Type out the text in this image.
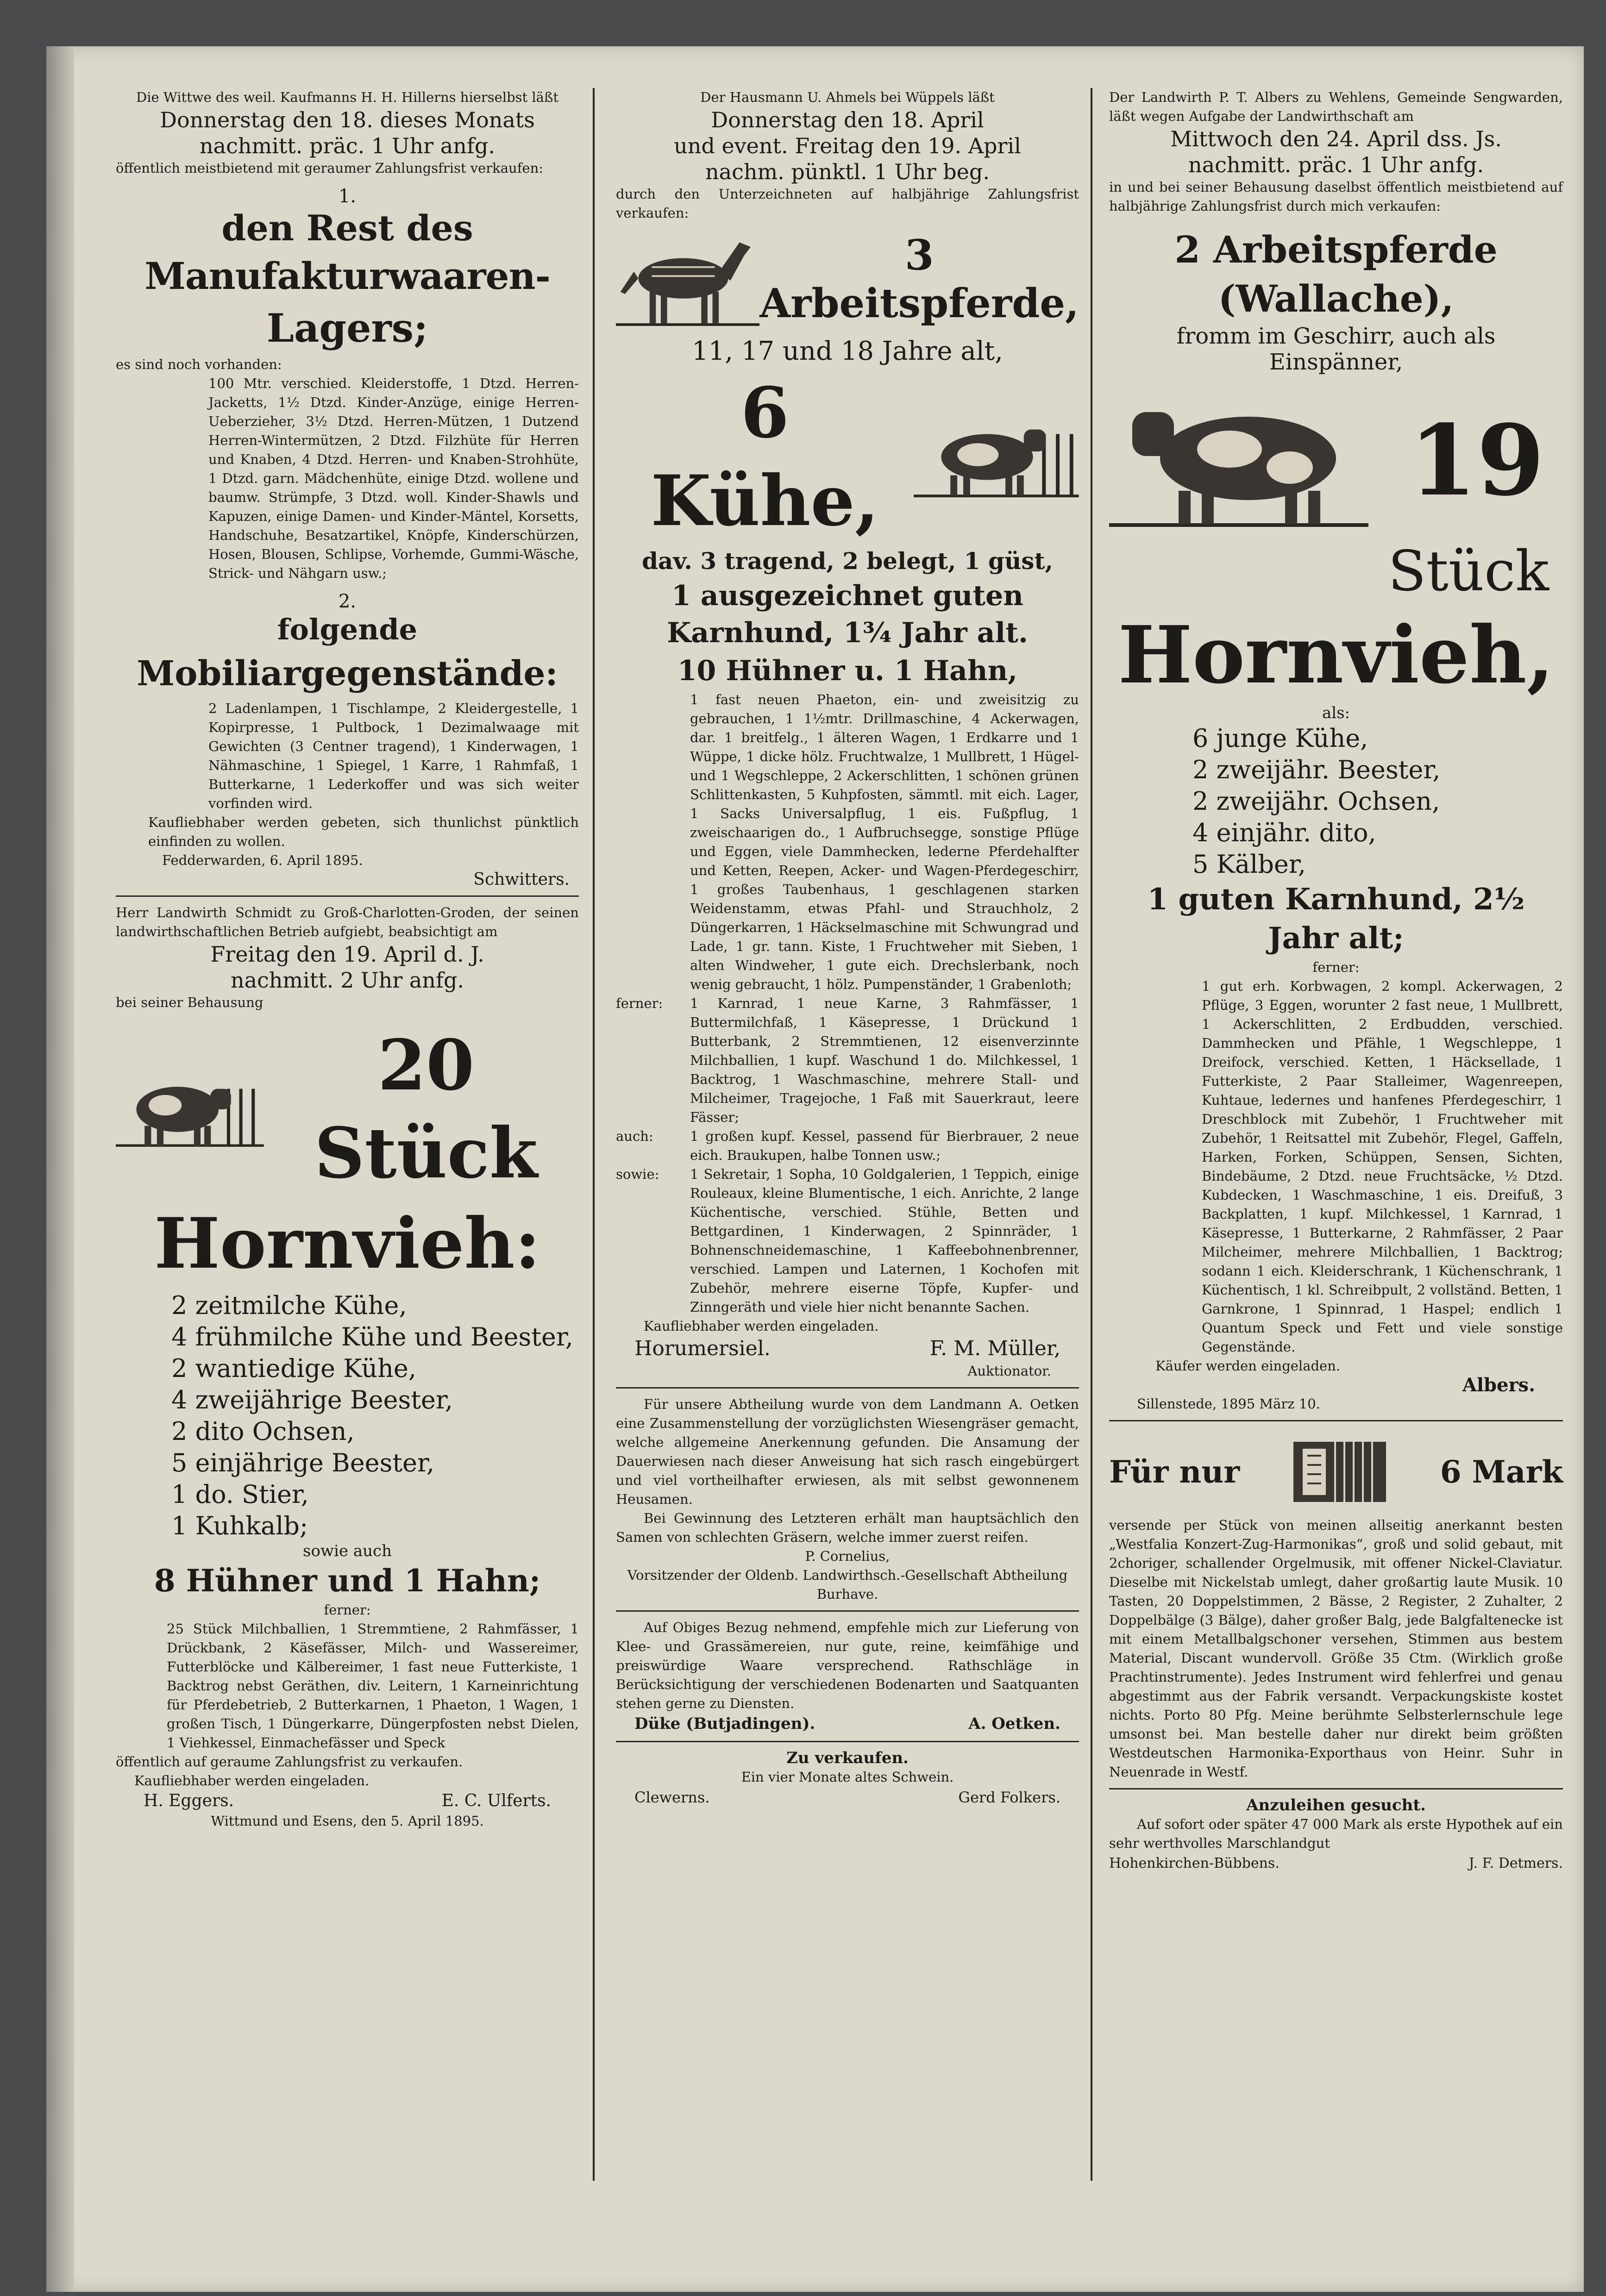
Die Wittwe des weil. Kaufmanns H. H. Hillerns hierselbst läßt

Donnerstag den 18. dieses Monats

nachmitt. präc. 1 Uhr anfg.

öffentlich meistbietend mit geraumer Zahlungsfrist verkaufen:

1.

den Rest des

Manufakturwaaren-

Lagers;

es sind noch vorhanden:

100 Mtr. verschied. Kleiderstoffe, 1 Dtzd. Herren-Jacketts, 1½ Dtzd. Kinder-Anzüge, einige Herren-Ueberzieher, 3½ Dtzd. Herren-Mützen, 1 Dutzend Herren-Wintermützen, 2 Dtzd. Filzhüte für Herren und Knaben, 4 Dtzd. Herren- und Knaben-Strohhüte, 1 Dtzd. garn. Mädchenhüte, einige Dtzd. wollene und baumw. Strümpfe, 3 Dtzd. woll. Kinder-Shawls und Kapuzen, einige Damen- und Kinder-Mäntel, Korsetts, Handschuhe, Besatzartikel, Knöpfe, Kinderschürzen, Hosen, Blousen, Schlipse, Vorhemde, Gummi-Wäsche, Strick- und Nähgarn usw.;

2.

folgende

Mobiliargegenstände:

2 Ladenlampen, 1 Tischlampe, 2 Kleidergestelle, 1 Kopirpresse, 1 Pultbock, 1 Dezimalwaage mit Gewichten (3 Centner tragend), 1 Kinderwagen, 1 Nähmaschine, 1 Spiegel, 1 Karre, 1 Rahmfaß, 1 Butterkarne, 1 Lederkoffer und was sich weiter vorfinden wird.

Kaufliebhaber werden gebeten, sich thunlichst pünktlich einfinden zu wollen.

Fedderwarden, 6. April 1895.

Schwitters.

Herr Landwirth Schmidt zu Groß-Charlotten-Groden, der seinen landwirthschaftlichen Betrieb aufgiebt, beabsichtigt am

Freitag den 19. April d. J.

nachmitt. 2 Uhr anfg.

bei seiner Behausung

20 Stück

Hornvieh:

2 zeitmilche Kühe,

4 frühmilche Kühe und Beester,

2 wantiedige Kühe,

4 zweijährige Beester,

2 dito Ochsen,

5 einjährige Beester,

1 do. Stier,

1 Kuhkalb;

sowie auch

8 Hühner und 1 Hahn;

ferner:

25 Stück Milchballien, 1 Stremmtiene, 2 Rahmfässer, 1 Drückbank, 2 Käsefässer, Milch- und Wassereimer, Futterblöcke und Kälbereimer, 1 fast neue Futterkiste, 1 Backtrog nebst Geräthen, div. Leitern, 1 Karneinrichtung für Pferdebetrieb, 2 Butterkarnen, 1 Phaeton, 1 Wagen, 1 großen Tisch, 1 Düngerkarre, Düngerpfosten nebst Dielen, 1 Viehkessel, Einmachefässer und Speck

öffentlich auf geraume Zahlungsfrist zu verkaufen.

Kaufliebhaber werden eingeladen.

H. Eggers.	E. C. Ulferts.

Wittmund und Esens, den 5. April 1895.

Der Hausmann U. Ahmels bei Wüppels läßt

Donnerstag den 18. April

und event. Freitag den 19. April

nachm. pünktl. 1 Uhr beg.

durch den Unterzeichneten auf halbjährige Zahlungsfrist verkaufen:

3

Arbeitspferde,

11, 17 und 18 Jahre alt,

6 Kühe,

dav. 3 tragend, 2 belegt, 1 güst,

1 ausgezeichnet guten

Karnhund, 1¾ Jahr alt.

10 Hühner u. 1 Hahn,

1 fast neuen Phaeton, ein- und zweisitzig zu gebrauchen, 1 1½mtr. Drillmaschine, 4 Ackerwagen, dar. 1 breitfelg., 1 älteren Wagen, 1 Erdkarre und 1 Wüppe, 1 dicke hölz. Fruchtwalze, 1 Mullbrett, 1 Hügel- und 1 Wegschleppe, 2 Ackerschlitten, 1 schönen grünen Schlittenkasten, 5 Kuhpfosten, sämmtl. mit eich. Lager, 1 Sacks Universalpflug, 1 eis. Fußpflug, 1 zweischaarigen do., 1 Aufbruchsegge, sonstige Pflüge und Eggen, viele Dammhecken, lederne Pferdehalfter und Ketten, Reepen, Acker- und Wagen-Pferdegeschirr, 1 großes Taubenhaus, 1 geschlagenen starken Weidenstamm, etwas Pfahl- und Strauchholz, 2 Düngerkarren, 1 Häckselmaschine mit Schwungrad und Lade, 1 gr. tann. Kiste, 1 Fruchtweher mit Sieben, 1 alten Windweher, 1 gute eich. Drechslerbank, noch wenig gebraucht, 1 hölz. Pumpenständer, 1 Grabenloth;

ferner:	1 Karnrad, 1 neue Karne, 3 Rahmfässer, 1 Buttermilchfaß, 1 Käsepresse, 1 Drückund 1 Butterbank, 2 Stremmtienen, 12 eisenverzinnte Milchballien, 1 kupf. Waschund 1 do. Milchkessel, 1 Backtrog, 1 Waschmaschine, mehrere Stall- und Milcheimer, Tragejoche, 1 Faß mit Sauerkraut, leere Fässer;

auch:	1 großen kupf. Kessel, passend für Bierbrauer, 2 neue eich. Braukupen, halbe Tonnen usw.;

sowie:	1 Sekretair, 1 Sopha, 10 Goldgalerien, 1 Teppich, einige Rouleaux, kleine Blumentische, 1 eich. Anrichte, 2 lange Küchentische, verschied. Stühle, Betten und Bettgardinen, 1 Kinderwagen, 2 Spinnräder, 1 Bohnenschneidemaschine, 1 Kaffeebohnenbrenner, verschied. Lampen und Laternen, 1 Kochofen mit Zubehör, mehrere eiserne Töpfe, Kupfer- und Zinngeräth und viele hier nicht benannte Sachen.

Kaufliebhaber werden eingeladen.

Horumersiel.	F. M. Müller,

Auktionator.

Für unsere Abtheilung wurde von dem Landmann A. Oetken eine Zusammenstellung der vorzüglichsten Wiesengräser gemacht, welche allgemeine Anerkennung gefunden. Die Ansamung der Dauerwiesen nach dieser Anweisung hat sich rasch eingebürgert und viel vortheilhafter erwiesen, als mit selbst gewonnenem Heusamen.

Bei Gewinnung des Letzteren erhält man hauptsächlich den Samen von schlechten Gräsern, welche immer zuerst reifen.

P. Cornelius,

Vorsitzender der Oldenb. Landwirthsch.-Gesellschaft Abtheilung Burhave.

Auf Obiges Bezug nehmend, empfehle mich zur Lieferung von Klee- und Grassämereien, nur gute, reine, keimfähige und preiswürdige Waare versprechend. Rathschläge in Berücksichtigung der verschiedenen Bodenarten und Saatquanten stehen gerne zu Diensten.

Düke (Butjadingen).	A. Oetken.

Zu verkaufen.

Ein vier Monate altes Schwein.

Clewerns.	Gerd Folkers.

Der Landwirth P. T. Albers zu Wehlens, Gemeinde Sengwarden, läßt wegen Aufgabe der Landwirthschaft am

Mittwoch den 24. April dss. Js.

nachmitt. präc. 1 Uhr anfg.

in und bei seiner Behausung daselbst öffentlich meistbietend auf halbjährige Zahlungsfrist durch mich verkaufen:

2 Arbeitspferde

(Wallache),

fromm im Geschirr, auch als Einspänner,

19

Stück

Hornvieh,

als:

6 junge Kühe,

2 zweijähr. Beester,

2 zweijähr. Ochsen,

4 einjähr. dito,

5 Kälber,

1 guten Karnhund, 2½

Jahr alt;

ferner:

1 gut erh. Korbwagen, 2 kompl. Ackerwagen, 2 Pflüge, 3 Eggen, worunter 2 fast neue, 1 Mullbrett, 1 Ackerschlitten, 2 Erdbudden, verschied. Dammhecken und Pfähle, 1 Wegschleppe, 1 Dreifock, verschied. Ketten, 1 Häcksellade, 1 Futterkiste, 2 Paar Stalleimer, Wagenreepen, Kuhtaue, ledernes und hanfenes Pferdegeschirr, 1 Dreschblock mit Zubehör, 1 Fruchtweher mit Zubehör, 1 Reitsattel mit Zubehör, Flegel, Gaffeln, Harken, Forken, Schüppen, Sensen, Sichten, Bindebäume, 2 Dtzd. neue Fruchtsäcke, ½ Dtzd. Kubdecken, 1 Waschmaschine, 1 eis. Dreifuß, 3 Backplatten, 1 kupf. Milchkessel, 1 Karnrad, 1 Käsepresse, 1 Butterkarne, 2 Rahmfässer, 2 Paar Milcheimer, mehrere Milchballien, 1 Backtrog; sodann 1 eich. Kleiderschrank, 1 Küchenschrank, 1 Küchentisch, 1 kl. Schreibpult, 2 vollständ. Betten, 1 Garnkrone, 1 Spinnrad, 1 Haspel; endlich 1 Quantum Speck und Fett und viele sonstige Gegenstände.

Käufer werden eingeladen.

Albers.

Sillenstede, 1895 März 10.

Für nur	6 Mark

versende per Stück von meinen allseitig anerkannt besten „Westfalia Konzert-Zug-Harmonikas“, groß und solid gebaut, mit 2choriger, schallender Orgelmusik, mit offener Nickel-Claviatur. Dieselbe mit Nickelstab umlegt, daher großartig laute Musik. 10 Tasten, 20 Doppelstimmen, 2 Bässe, 2 Register, 2 Zuhalter, 2 Doppelbälge (3 Bälge), daher großer Balg, jede Balgfaltenecke ist mit einem Metallbalgschoner versehen, Stimmen aus bestem Material, Discant wundervoll. Größe 35 Ctm. (Wirklich große Prachtinstrumente). Jedes Instrument wird fehlerfrei und genau abgestimmt aus der Fabrik versandt. Verpackungskiste kostet nichts. Porto 80 Pfg. Meine berühmte Selbsterlernschule lege umsonst bei. Man bestelle daher nur direkt beim größten Westdeutschen Harmonika-Exporthaus von Heinr. Suhr in Neuenrade in Westf.

Anzuleihen gesucht.

Auf sofort oder später 47 000 Mark als erste Hypothek auf ein sehr werthvolles Marschlandgut

Hohenkirchen-Bübbens.	J. F. Detmers.
